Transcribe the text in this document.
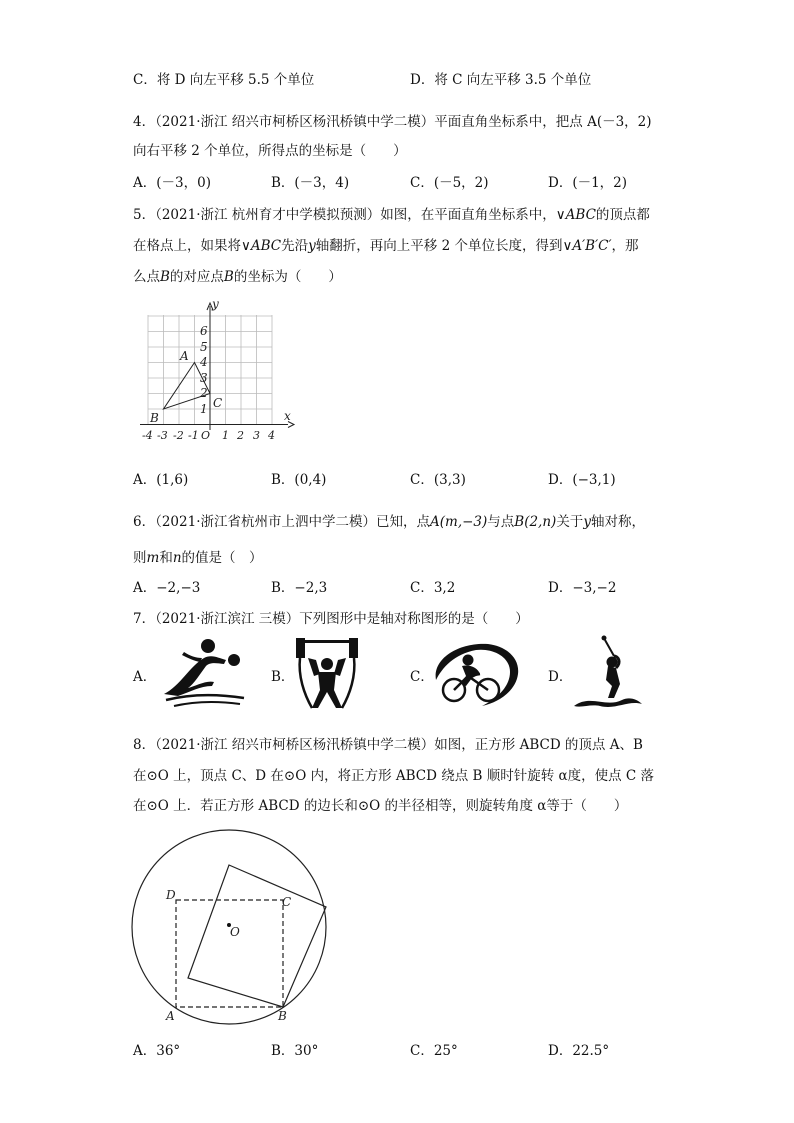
C．将 D 向左平移 5.5 个单位	D．将 C 向左平移 3.5 个单位
4．（2021·浙江 绍兴市柯桥区杨汛桥镇中学二模）平面直角坐标系中，把点 A(－3，2)
向右平移 2 个单位，所得点的坐标是（　　）
A．(－3，0)	B．(－3，4)	C．(－5，2)	D．(－1，2)
5．（2021·浙江 杭州育才中学模拟预测）如图，在平面直角坐标系中，∨ABC的顶点都
在格点上，如果将∨ABC先沿y轴翻折，再向上平移 2 个单位长度，得到∨A′B′C′，那
么点B的对应点B的坐标为（　　）
y
x
A
B
C
1
2
3
4
5
6
-4 -3 -2 -1 O 1 2 3 4
A．(1,6)	B．(0,4)	C．(3,3)	D．(−3,1)
6．（2021·浙江省杭州市上泗中学二模）已知，点A(m,−3)与点B(2,n)关于y轴对称，
则m和n的值是（　）
A．−2,−3	B．−2,3	C．3,2	D．−3,−2
7．（2021·浙江滨江 三模）下列图形中是轴对称图形的是（　　）
A．	B．	C．	D．
8．（2021·浙江 绍兴市柯桥区杨汛桥镇中学二模）如图，正方形 ABCD 的顶点 A、B
在⊙O 上，顶点 C、D 在⊙O 内，将正方形 ABCD 绕点 B 顺时针旋转 α度，使点 C 落
在⊙O 上．若正方形 ABCD 的边长和⊙O 的半径相等，则旋转角度 α等于（　　）
D	C
O
A	B
A．36°	B．30°	C．25°	D．22.5°
